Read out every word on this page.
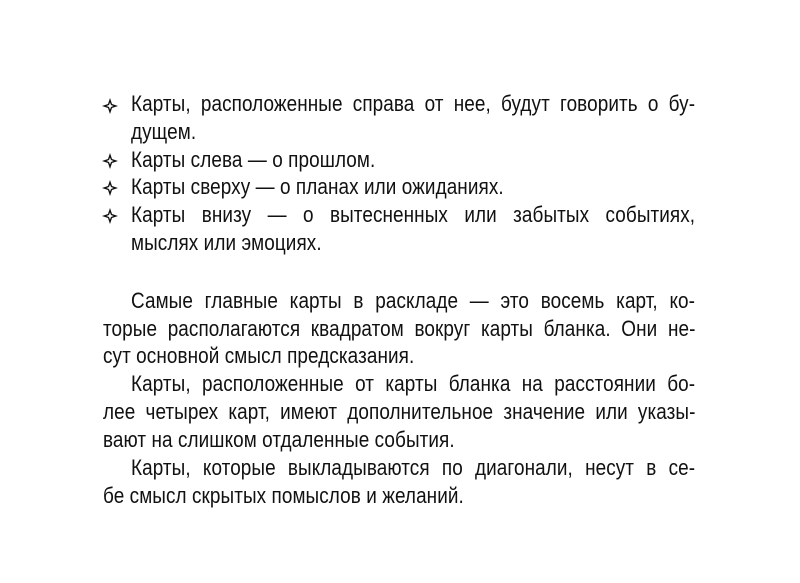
Карты, расположенные справа от нее, будут говорить о бу-
дущем.
Карты слева — о прошлом.
Карты сверху — о планах или ожиданиях.
Карты внизу — о вытесненных или забытых событиях,
мыслях или эмоциях.
Самые главные карты в раскладе — это восемь карт, ко-
торые располагаются квадратом вокруг карты бланка. Они не-
сут основной смысл предсказания.
Карты, расположенные от карты бланка на расстоянии бо-
лее четырех карт, имеют дополнительное значение или указы-
вают на слишком отдаленные события.
Карты, которые выкладываются по диагонали, несут в се-
бе смысл скрытых помыслов и желаний.
